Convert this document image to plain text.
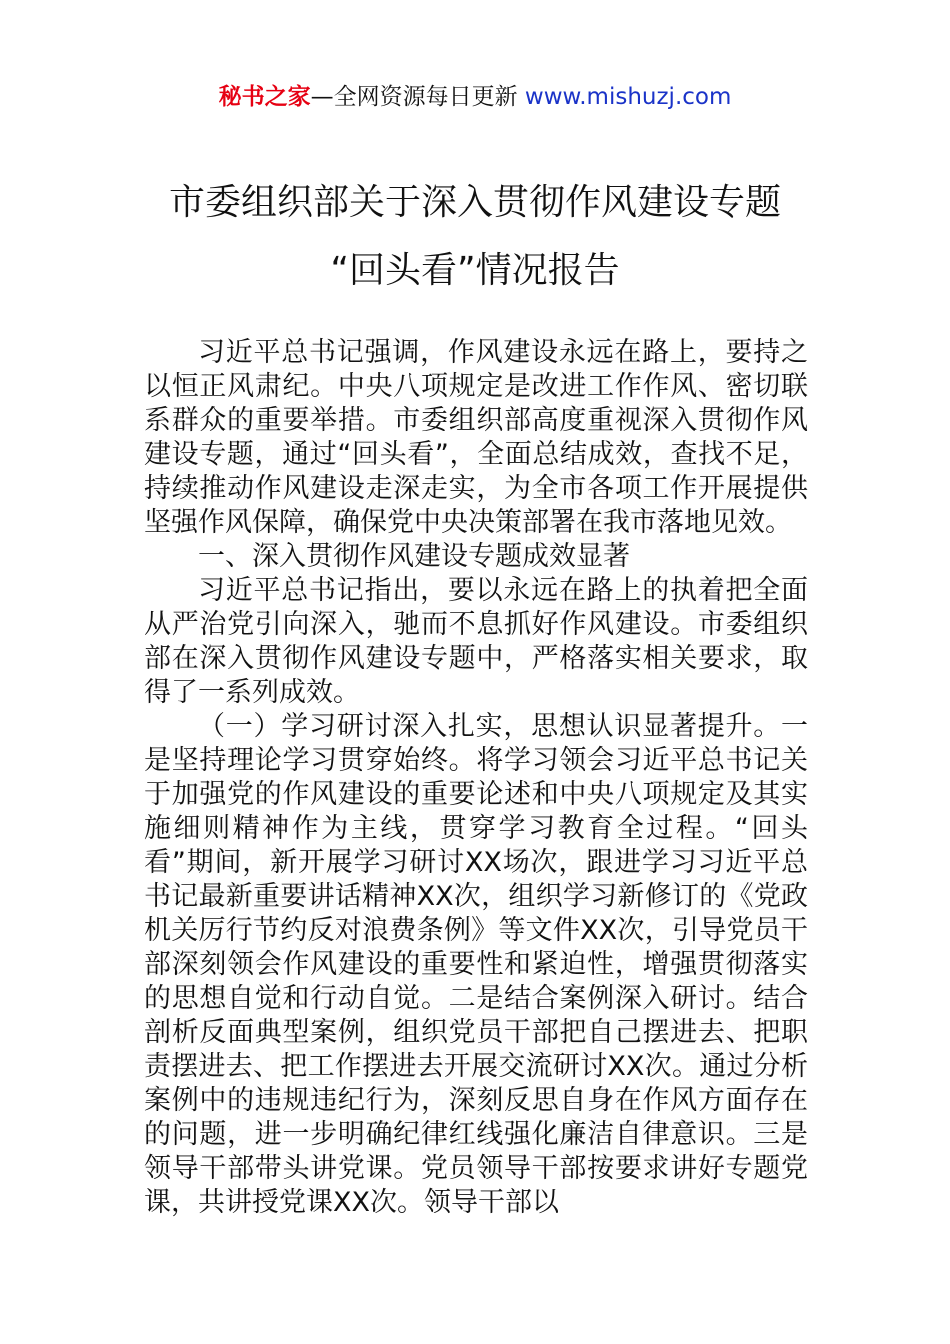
秘书之家—全网资源每日更新 www.mishuzj.com
市委组织部关于深入贯彻作风建设专题
“回头看”情况报告

习近平总书记强调，作风建设永远在路上，要持之以恒正风肃纪。中央八项规定是改进工作作风、密切联系群众的重要举措。市委组织部高度重视深入贯彻作风建设专题，通过“回头看”，全面总结成效，查找不足，持续推动作风建设走深走实，为全市各项工作开展提供坚强作风保障，确保党中央决策部署在我市落地见效。

一、深入贯彻作风建设专题成效显著

习近平总书记指出，要以永远在路上的执着把全面从严治党引向深入，驰而不息抓好作风建设。市委组织部在深入贯彻作风建设专题中，严格落实相关要求，取得了一系列成效。

（一）学习研讨深入扎实，思想认识显著提升。一是坚持理论学习贯穿始终。将学习领会习近平总书记关于加强党的作风建设的重要论述和中央八项规定及其实施细则精神作为主线，贯穿学习教育全过程。“回头看”期间，新开展学习研讨XX场次，跟进学习习近平总书记最新重要讲话精神XX次，组织学习新修订的《党政机关厉行节约反对浪费条例》等文件XX次，引导党员干部深刻领会作风建设的重要性和紧迫性，增强贯彻落实的思想自觉和行动自觉。二是结合案例深入研讨。结合剖析反面典型案例，组织党员干部把自己摆进去、把职责摆进去、把工作摆进去开展交流研讨XX次。通过分析案例中的违规违纪行为，深刻反思自身在作风方面存在的问题，进一步明确纪律红线强化廉洁自律意识。三是领导干部带头讲党课。党员领导干部按要求讲好专题党课，共讲授党课XX次。领导干部以
